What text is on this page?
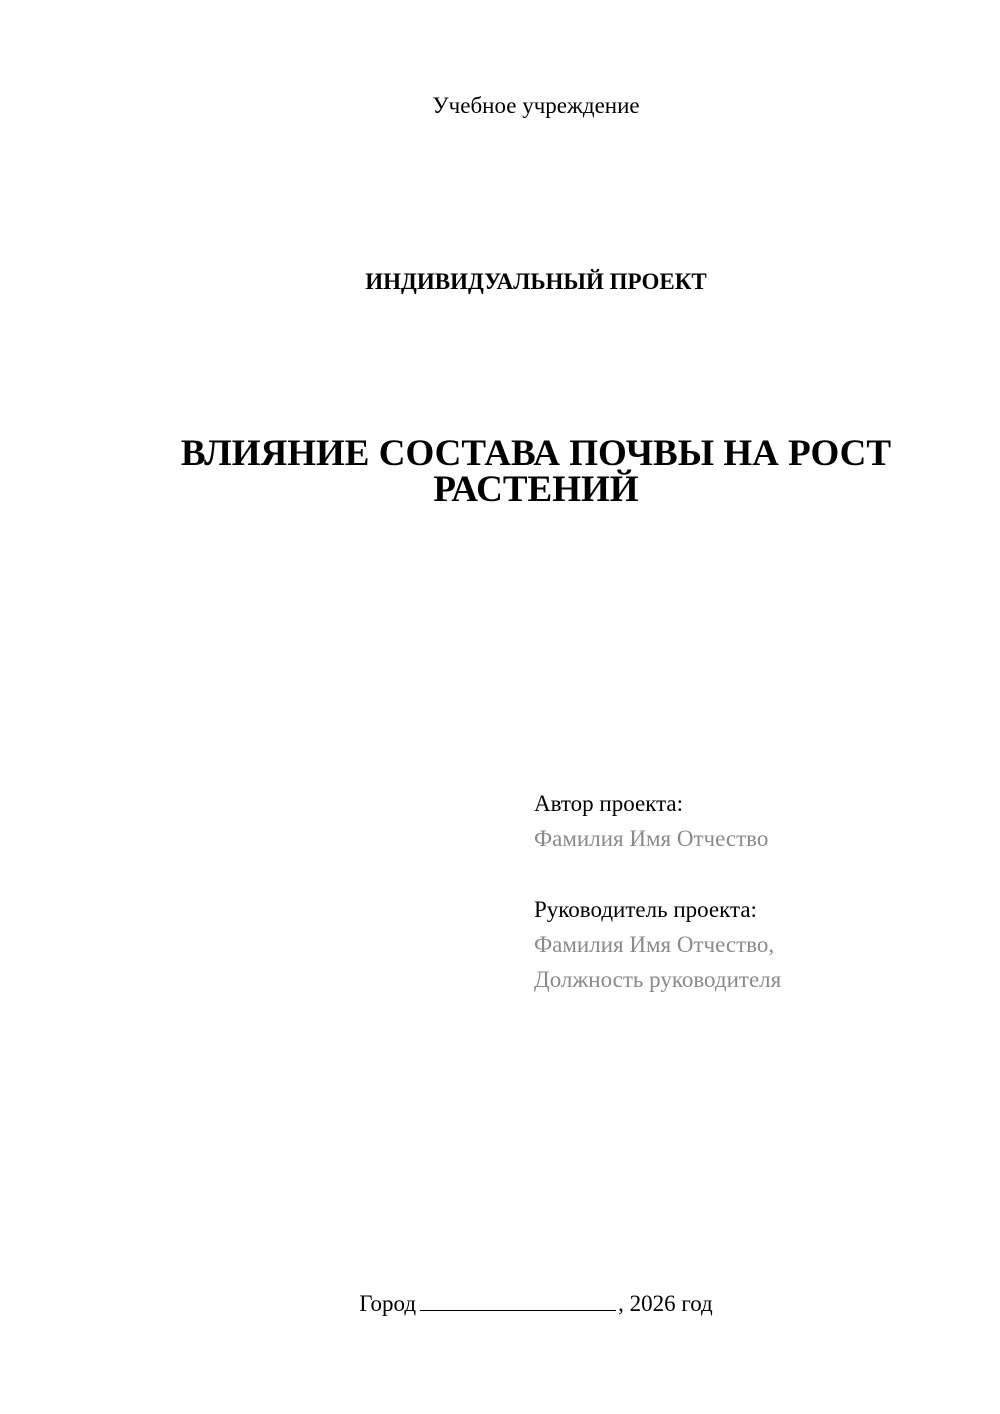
Учебное учреждение
ИНДИВИДУАЛЬНЫЙ ПРОЕКТ
ВЛИЯНИЕ СОСТАВА ПОЧВЫ НА РОСТ
РАСТЕНИЙ
Автор проекта:
Фамилия Имя Отчество
Руководитель проекта:
Фамилия Имя Отчество,
Должность руководителя
Город	, 2026 год
